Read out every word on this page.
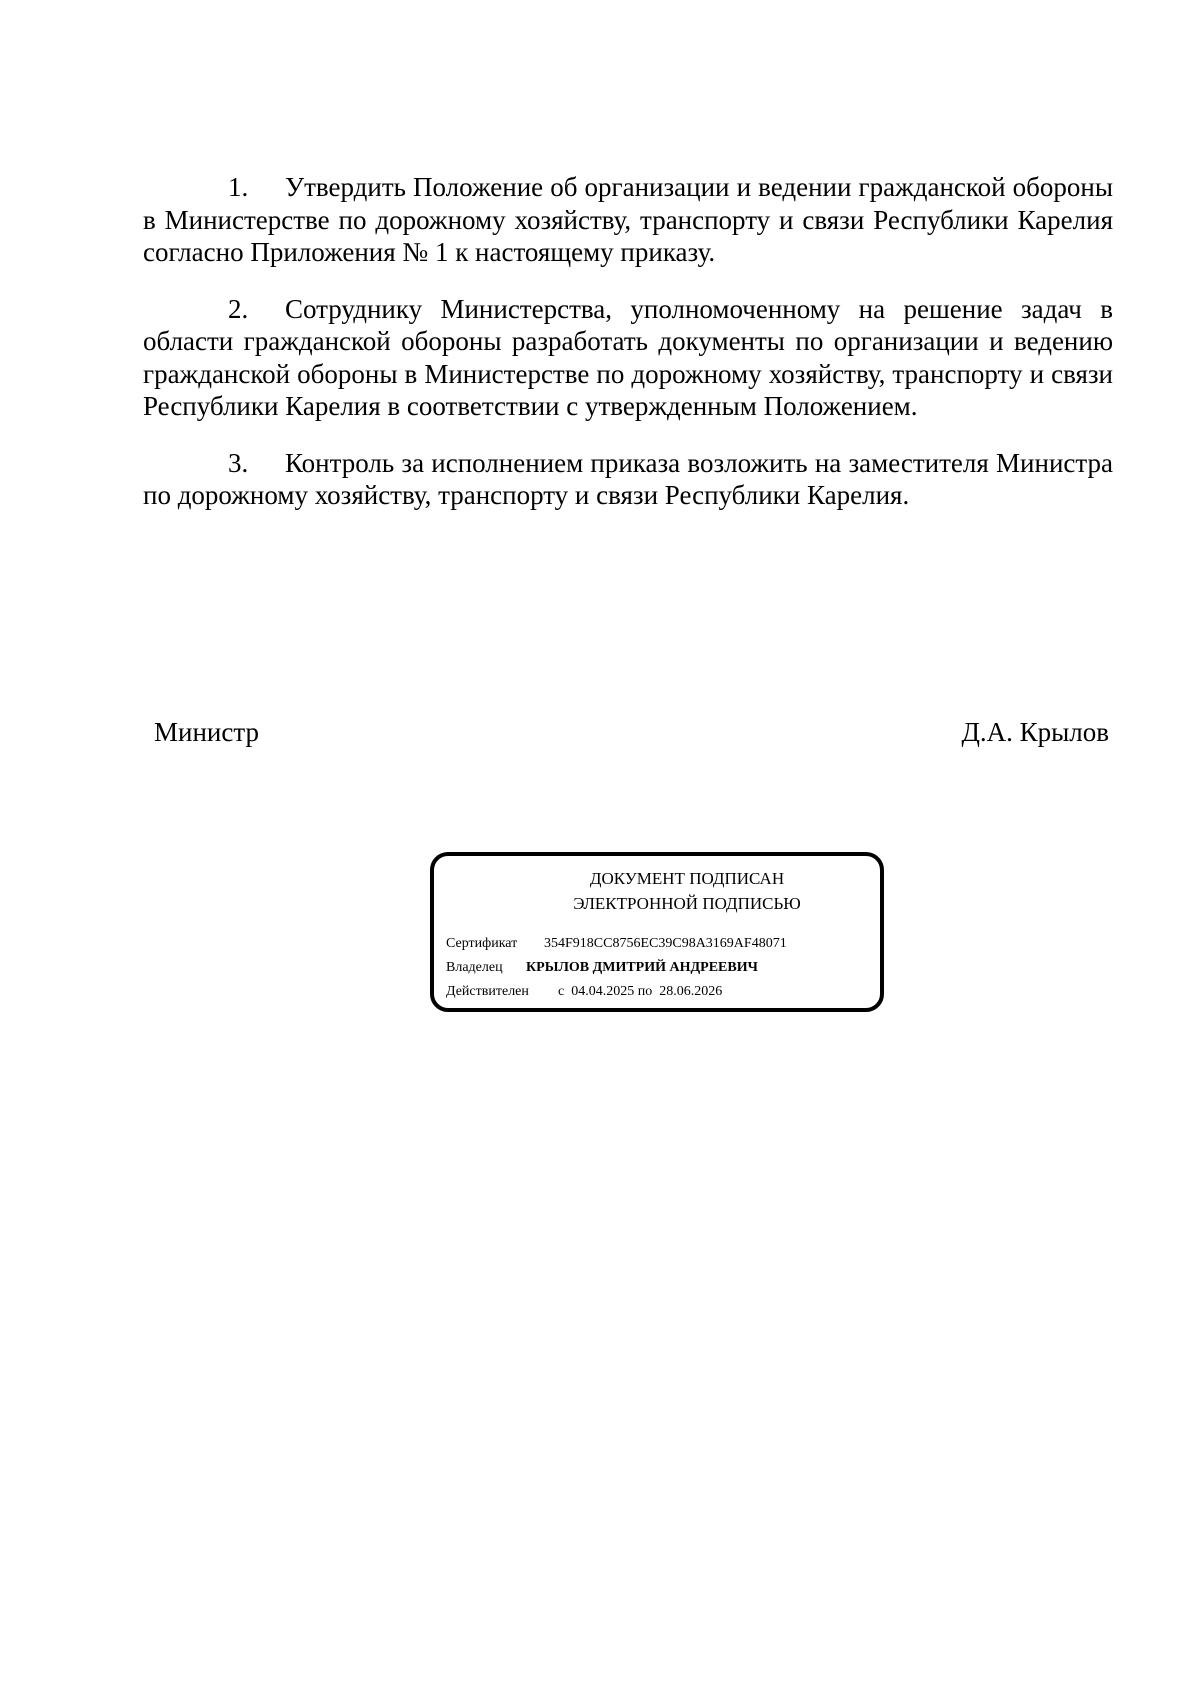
1. Утвердить Положение об организации и ведении гражданской обороны в Министерстве по дорожному хозяйству, транспорту и связи Республики Карелия согласно Приложения № 1 к настоящему приказу.

2. Сотруднику Министерства, уполномоченному на решение задач в области гражданской обороны разработать документы по организации и ведению гражданской обороны в Министерстве по дорожному хозяйству, транспорту и связи Республики Карелия в соответствии с утвержденным Положением.

3. Контроль за исполнением приказа возложить на заместителя Министра по дорожному хозяйству, транспорту и связи Республики Карелия.

Министр	Д.А. Крылов
ДОКУМЕНТ ПОДПИСАН
ЭЛЕКТРОННОЙ ПОДПИСЬЮ
Сертификат 354F918CC8756EC39C98A3169AF48071
Владелец КРЫЛОВ ДМИТРИЙ АНДРЕЕВИЧ
Действителен с 04.04.2025 по 28.06.2026
